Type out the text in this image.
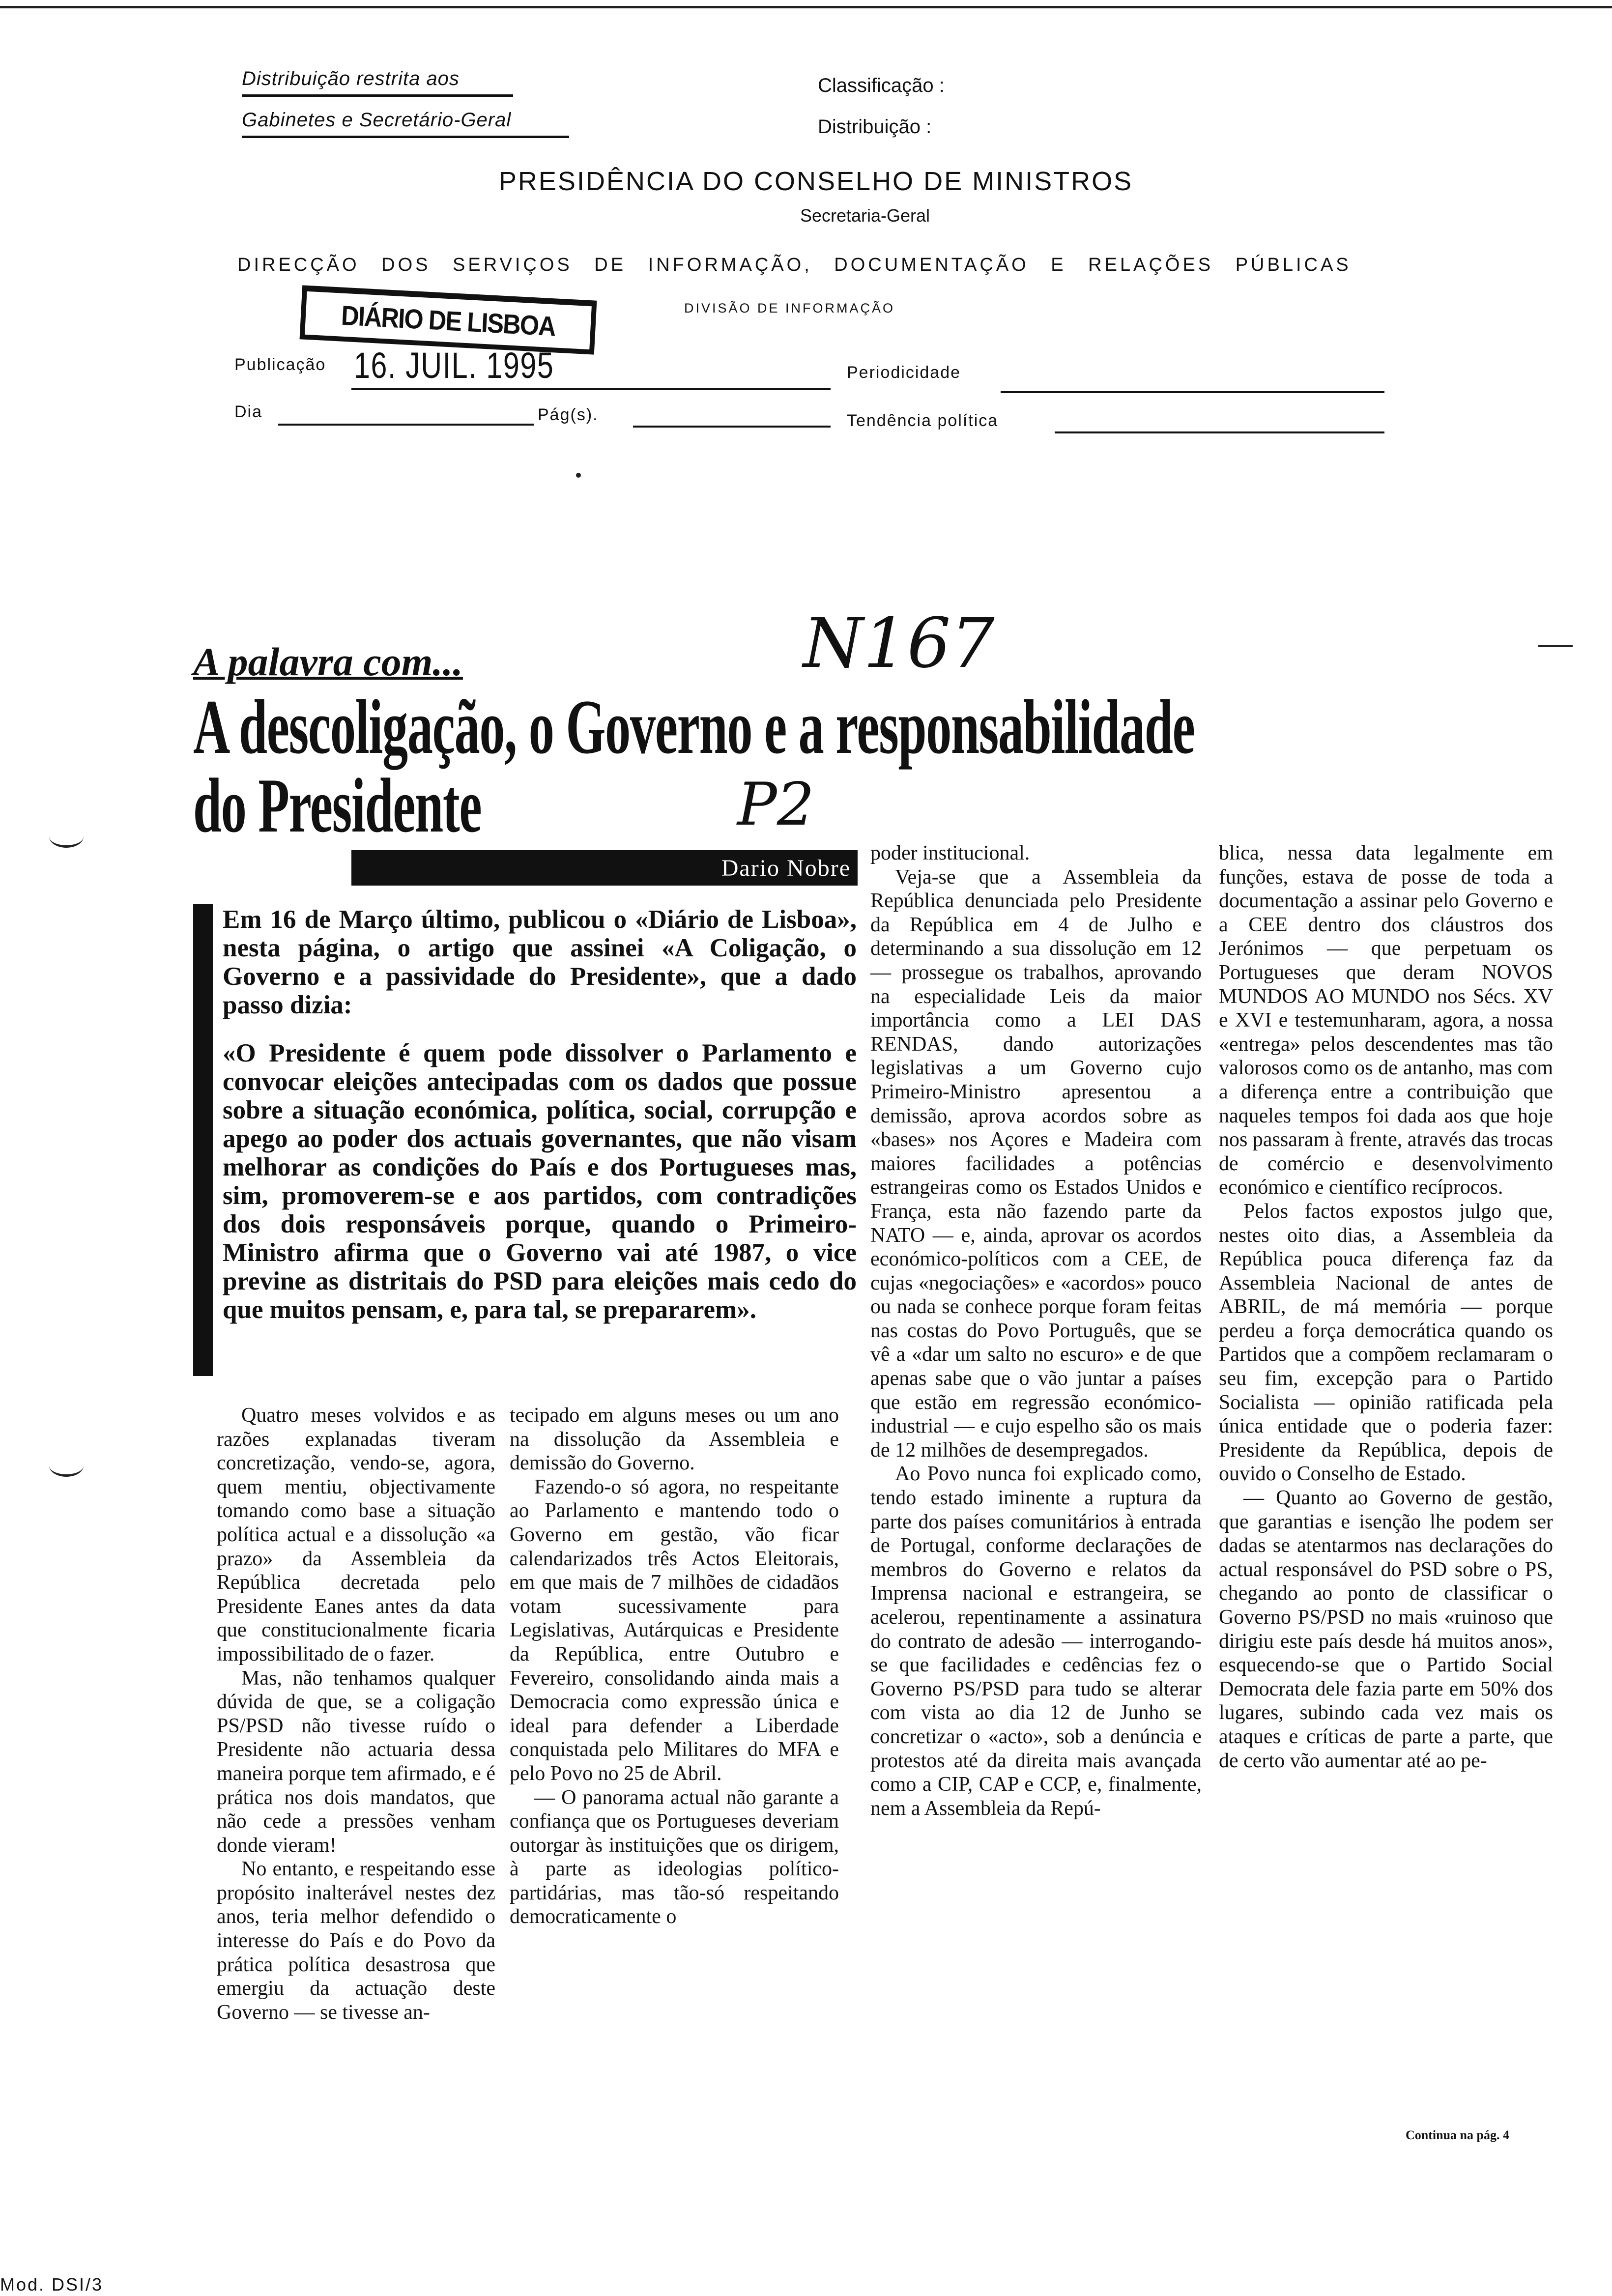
Distribuição restrita aos
Gabinetes e Secretário-Geral
Classificação :
Distribuição :
PRESIDÊNCIA DO CONSELHO DE MINISTROS
Secretaria-Geral
DIRECÇÃO DOS SERVIÇOS DE INFORMAÇÃO, DOCUMENTAÇÃO E RELAÇÕES PÚBLICAS
DIÁRIO DE LISBOA	DIVISÃO DE INFORMAÇÃO
Publicação 16. JUIL. 1995	Periodicidade
Dia	Pág(s).	Tendência política
A palavra com...	N167
A descoligação, o Governo e a responsabilidade
do Presidente	P2
Dario Nobre

Em 16 de Março último, publicou o «Diário de Lisboa», nesta página, o artigo que assinei «A Coligação, o Governo e a passividade do Presidente», que a dado passo dizia:

«O Presidente é quem pode dissolver o Parlamento e convocar eleições antecipadas com os dados que possue sobre a situação económica, política, social, corrupção e apego ao poder dos actuais governantes, que não visam melhorar as condições do País e dos Portugueses mas, sim, promoverem-se e aos partidos, com contradições dos dois responsáveis porque, quando o Primeiro-Ministro afirma que o Governo vai até 1987, o vice previne as distritais do PSD para eleições mais cedo do que muitos pensam, e, para tal, se prepararem».

Quatro meses volvidos e as razões explanadas tiveram concretização, vendo-se, agora, quem mentiu, objectivamente tomando como base a situação política actual e a dissolução «a prazo» da Assembleia da República decretada pelo Presidente Eanes antes da data que constitucionalmente ficaria impossibilitado de o fazer.

Mas, não tenhamos qualquer dúvida de que, se a coligação PS/PSD não tivesse ruído o Presidente não actuaria dessa maneira porque tem afirmado, e é prática nos dois mandatos, que não cede a pressões venham donde vieram!

No entanto, e respeitando esse propósito inalterável nestes dez anos, teria melhor defendido o interesse do País e do Povo da prática política desastrosa que emergiu da actuação deste Governo — se tivesse an-

tecipado em alguns meses ou um ano na dissolução da Assembleia e demissão do Governo.

Fazendo-o só agora, no respeitante ao Parlamento e mantendo todo o Governo em gestão, vão ficar calendarizados três Actos Eleitorais, em que mais de 7 milhões de cidadãos votam sucessivamente para Legislativas, Autárquicas e Presidente da República, entre Outubro e Fevereiro, consolidando ainda mais a Democracia como expressão única e ideal para defender a Liberdade conquistada pelo Militares do MFA e pelo Povo no 25 de Abril.

— O panorama actual não garante a confiança que os Portugueses deveriam outorgar às instituições que os dirigem, à parte as ideologias político-partidárias, mas tão-só respeitando democraticamente o

poder institucional.

Veja-se que a Assembleia da República denunciada pelo Presidente da República em 4 de Julho e determinando a sua dissolução em 12 — prossegue os trabalhos, aprovando na especialidade Leis da maior importância como a LEI DAS RENDAS, dando autorizações legislativas a um Governo cujo Primeiro-Ministro apresentou a demissão, aprova acordos sobre as «bases» nos Açores e Madeira com maiores facilidades a potências estrangeiras como os Estados Unidos e França, esta não fazendo parte da NATO — e, ainda, aprovar os acordos económico-políticos com a CEE, de cujas «negociações» e «acordos» pouco ou nada se conhece porque foram feitas nas costas do Povo Português, que se vê a «dar um salto no escuro» e de que apenas sabe que o vão juntar a países que estão em regressão económico-industrial — e cujo espelho são os mais de 12 milhões de desempregados.

Ao Povo nunca foi explicado como, tendo estado iminente a ruptura da parte dos países comunitários à entrada de Portugal, conforme declarações de membros do Governo e relatos da Imprensa nacional e estrangeira, se acelerou, repentinamente a assinatura do contrato de adesão — interrogando-se que facilidades e cedências fez o Governo PS/PSD para tudo se alterar com vista ao dia 12 de Junho se concretizar o «acto», sob a denúncia e protestos até da direita mais avançada como a CIP, CAP e CCP, e, finalmente, nem a Assembleia da Repú-

blica, nessa data legalmente em funções, estava de posse de toda a documentação a assinar pelo Governo e a CEE dentro dos cláustros dos Jerónimos — que perpetuam os Portugueses que deram NOVOS MUNDOS AO MUNDO nos Sécs. XV e XVI e testemunharam, agora, a nossa «entrega» pelos descendentes mas tão valorosos como os de antanho, mas com a diferença entre a contribuição que naqueles tempos foi dada aos que hoje nos passaram à frente, através das trocas de comércio e desenvolvimento económico e científico recíprocos.

Pelos factos expostos julgo que, nestes oito dias, a Assembleia da República pouca diferença faz da Assembleia Nacional de antes de ABRIL, de má memória — porque perdeu a força democrática quando os Partidos que a compõem reclamaram o seu fim, excepção para o Partido Socialista — opinião ratificada pela única entidade que o poderia fazer: Presidente da República, depois de ouvido o Conselho de Estado.

— Quanto ao Governo de gestão, que garantias e isenção lhe podem ser dadas se atentarmos nas declarações do actual responsável do PSD sobre o PS, chegando ao ponto de classificar o Governo PS/PSD no mais «ruinoso que dirigiu este país desde há muitos anos», esquecendo-se que o Partido Social Democrata dele fazia parte em 50% dos lugares, subindo cada vez mais os ataques e críticas de parte a parte, que de certo vão aumentar até ao pe-

Continua na pág. 4
Mod. DSI/3
